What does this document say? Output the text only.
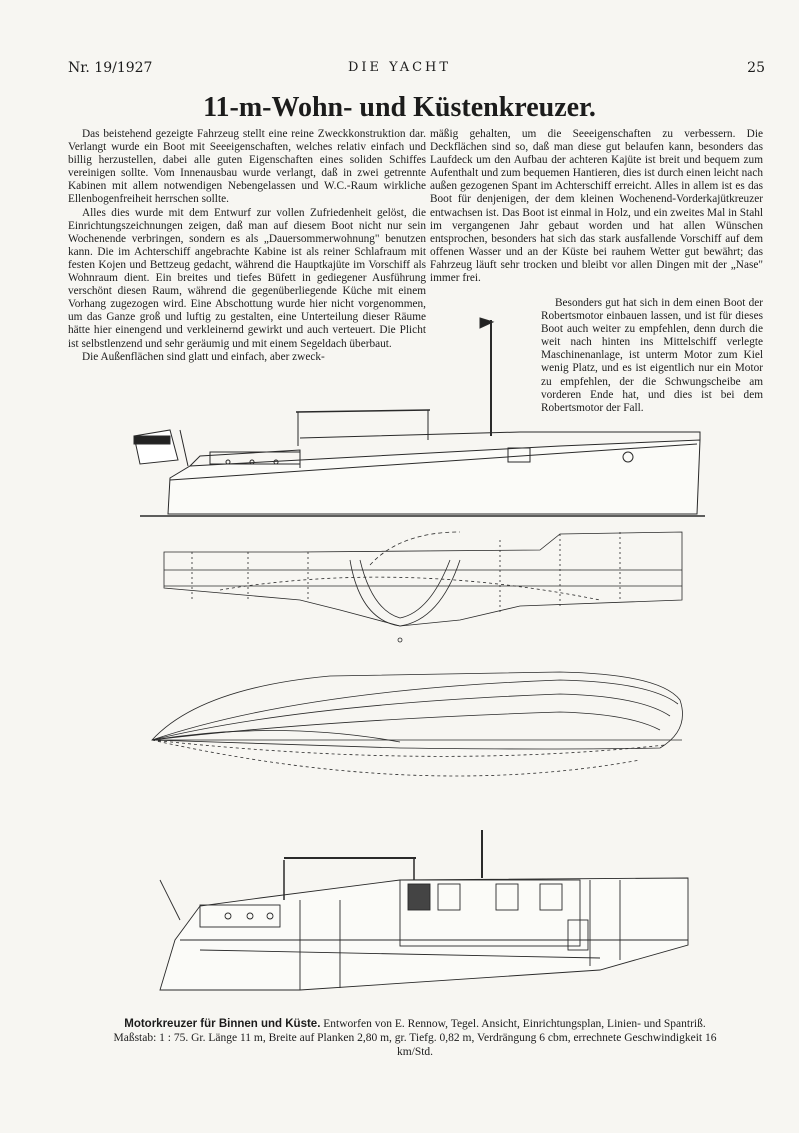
Nr. 19/1927	DIE YACHT	25
11-m-Wohn- und Küstenkreuzer.

Das beistehend gezeigte Fahrzeug stellt eine reine Zweckkonstruktion dar. Verlangt wurde ein Boot mit Seeeigenschaften, welches relativ einfach und billig herzustellen, dabei alle guten Eigenschaften eines soliden Schiffes vereinigen sollte. Vom Innenausbau wurde verlangt, daß in zwei getrennte Kabinen mit allem notwendigen Nebengelassen und W.C.-Raum wirkliche Ellenbogenfreiheit herrschen sollte.

Alles dies wurde mit dem Entwurf zur vollen Zufriedenheit gelöst, die Einrichtungszeichnungen zeigen, daß man auf diesem Boot nicht nur sein Wochenende verbringen, sondern es als „Dauersommerwohnung" benutzen kann. Die im Achterschiff angebrachte Kabine ist als reiner Schlafraum mit festen Kojen und Bettzeug gedacht, während die Hauptkajüte im Vorschiff als Wohnraum dient. Ein breites und tiefes Büfett in gediegener Ausführung verschönt diesen Raum, während die gegenüberliegende Küche mit einem Vorhang zugezogen wird. Eine Abschottung wurde hier nicht vorgenommen, um das Ganze groß und luftig zu gestalten, eine Unterteilung dieser Räume hätte hier einengend und verkleinernd gewirkt und auch verteuert. Die Plicht ist selbstlenzend und sehr geräumig und mit einem Segeldach überbaut.

Die Außenflächen sind glatt und einfach, aber zweck-

mäßig gehalten, um die Seeeigenschaften zu verbessern. Die Deckflächen sind so, daß man diese gut belaufen kann, besonders das Laufdeck um den Aufbau der achteren Kajüte ist breit und bequem zum Aufenthalt und zum bequemen Hantieren, dies ist durch einen leicht nach außen gezogenen Spant im Achterschiff erreicht. Alles in allem ist es das Boot für denjenigen, der dem kleinen Wochenend-Vorderkajütkreuzer entwachsen ist. Das Boot ist einmal in Holz, und ein zweites Mal in Stahl im vergangenen Jahr gebaut worden und hat allen Wünschen entsprochen, besonders hat sich das stark ausfallende Vorschiff auf dem offenen Wasser und an der Küste bei rauhem Wetter gut bewährt; das Fahrzeug läuft sehr trocken und bleibt vor allen Dingen mit der „Nase" immer frei.

Besonders gut hat sich in dem einen Boot der Robertsmotor einbauen lassen, und ist für dieses Boot auch weiter zu empfehlen, denn durch die weit nach hinten ins Mittelschiff verlegte Maschinenanlage, ist unterm Motor zum Kiel wenig Platz, und es ist eigentlich nur ein Motor zu empfehlen, der die Schwungscheibe am vorderen Ende hat, und dies ist bei dem Robertsmotor der Fall.

Motorkreuzer für Binnen und Küste. Entworfen von E. Rennow, Tegel. Ansicht, Einrichtungsplan, Linien- und Spantriß. Maßstab: 1 : 75. Gr. Länge 11 m, Breite auf Planken 2,80 m, gr. Tiefg. 0,82 m, Verdrängung 6 cbm, errechnete Geschwindigkeit 16 km/Std.
